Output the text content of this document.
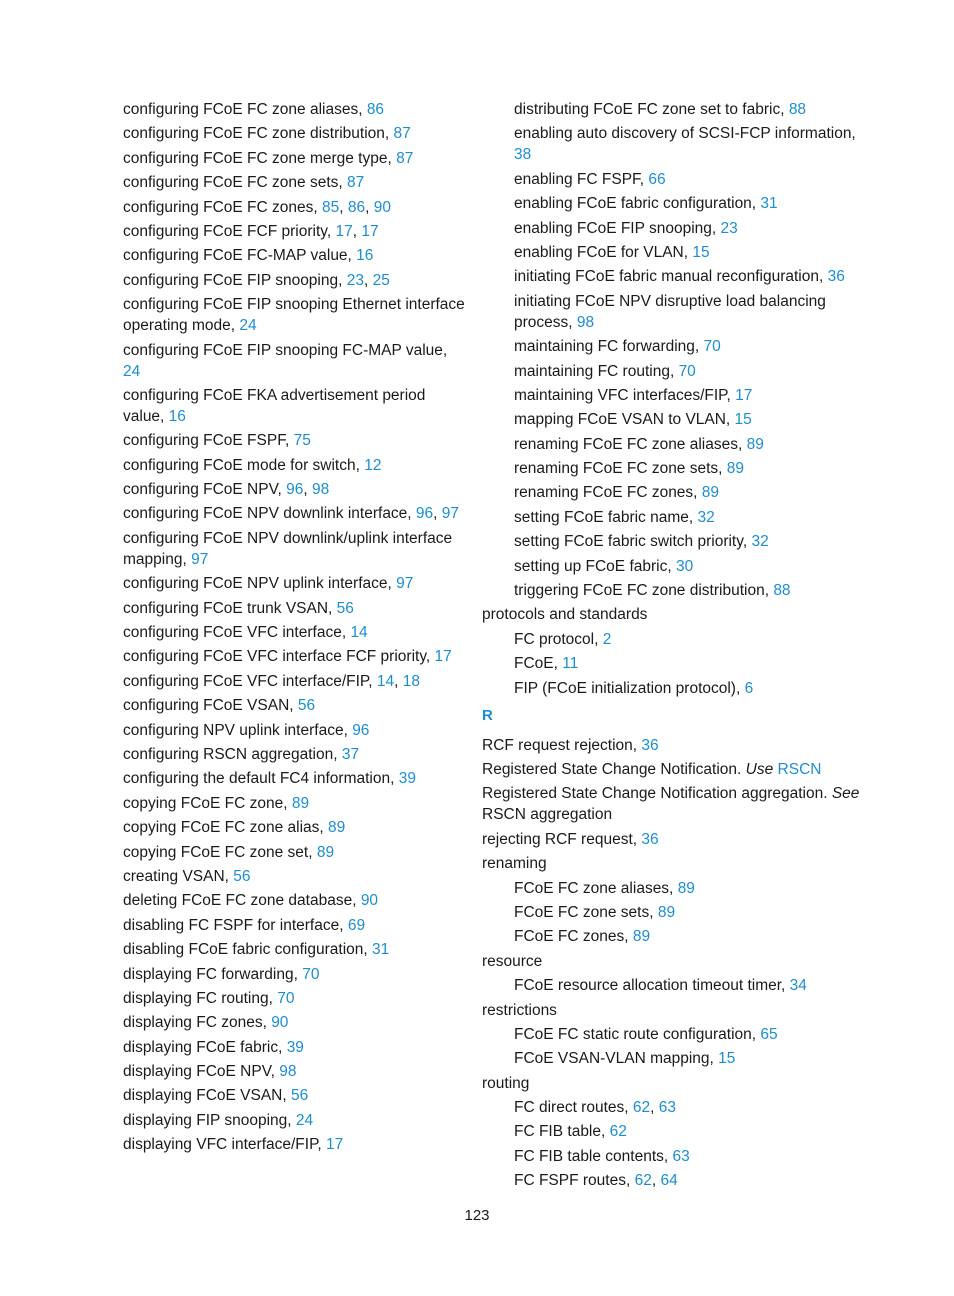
configuring FCoE FC zone aliases, 86
configuring FCoE FC zone distribution, 87
configuring FCoE FC zone merge type, 87
configuring FCoE FC zone sets, 87
configuring FCoE FC zones, 85, 86, 90
configuring FCoE FCF priority, 17, 17
configuring FCoE FC-MAP value, 16
configuring FCoE FIP snooping, 23, 25
configuring FCoE FIP snooping Ethernet interface operating mode, 24
configuring FCoE FIP snooping FC-MAP value, 24
configuring FCoE FKA advertisement period value, 16
configuring FCoE FSPF, 75
configuring FCoE mode for switch, 12
configuring FCoE NPV, 96, 98
configuring FCoE NPV downlink interface, 96, 97
configuring FCoE NPV downlink/uplink interface mapping, 97
configuring FCoE NPV uplink interface, 97
configuring FCoE trunk VSAN, 56
configuring FCoE VFC interface, 14
configuring FCoE VFC interface FCF priority, 17
configuring FCoE VFC interface/FIP, 14, 18
configuring FCoE VSAN, 56
configuring NPV uplink interface, 96
configuring RSCN aggregation, 37
configuring the default FC4 information, 39
copying FCoE FC zone, 89
copying FCoE FC zone alias, 89
copying FCoE FC zone set, 89
creating VSAN, 56
deleting FCoE FC zone database, 90
disabling FC FSPF for interface, 69
disabling FCoE fabric configuration, 31
displaying FC forwarding, 70
displaying FC routing, 70
displaying FC zones, 90
displaying FCoE fabric, 39
displaying FCoE NPV, 98
displaying FCoE VSAN, 56
displaying FIP snooping, 24
displaying VFC interface/FIP, 17
distributing FCoE FC zone set to fabric, 88
enabling auto discovery of SCSI-FCP information, 38
enabling FC FSPF, 66
enabling FCoE fabric configuration, 31
enabling FCoE FIP snooping, 23
enabling FCoE for VLAN, 15
initiating FCoE fabric manual reconfiguration, 36
initiating FCoE NPV disruptive load balancing process, 98
maintaining FC forwarding, 70
maintaining FC routing, 70
maintaining VFC interfaces/FIP, 17
mapping FCoE VSAN to VLAN, 15
renaming FCoE FC zone aliases, 89
renaming FCoE FC zone sets, 89
renaming FCoE FC zones, 89
setting FCoE fabric name, 32
setting FCoE fabric switch priority, 32
setting up FCoE fabric, 30
triggering FCoE FC zone distribution, 88
protocols and standards
FC protocol, 2
FCoE, 11
FIP (FCoE initialization protocol), 6
R
RCF request rejection, 36
Registered State Change Notification. Use RSCN
Registered State Change Notification aggregation. See RSCN aggregation
rejecting RCF request, 36
renaming
FCoE FC zone aliases, 89
FCoE FC zone sets, 89
FCoE FC zones, 89
resource
FCoE resource allocation timeout timer, 34
restrictions
FCoE FC static route configuration, 65
FCoE VSAN-VLAN mapping, 15
routing
FC direct routes, 62, 63
FC FIB table, 62
FC FIB table contents, 63
FC FSPF routes, 62, 64
123
